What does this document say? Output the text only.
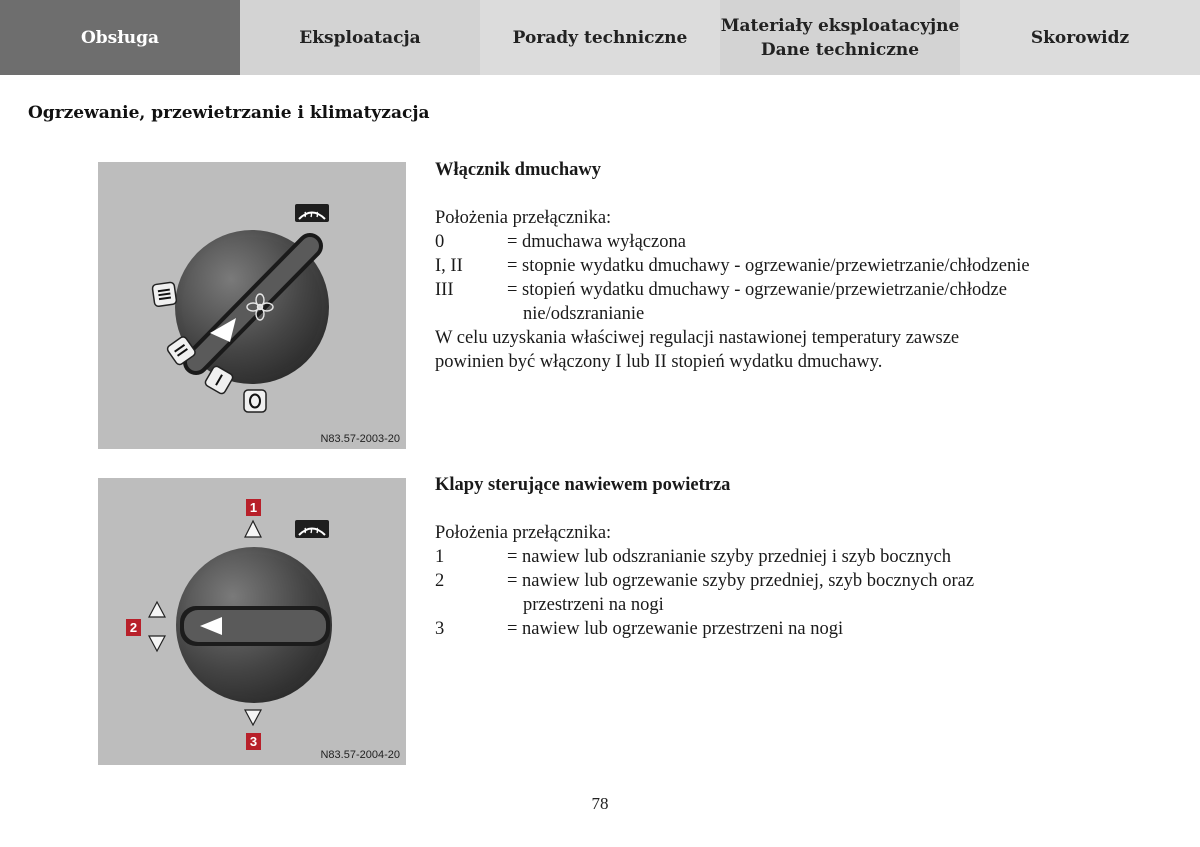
Obsługa	Eksploatacja	Porady techniczne
Materiały eksploatacyjne
Dane techniczne
Skorowidz
Ogrzewanie, przewietrzanie i klimatyzacja
N83.57-2003-20
1
2
3
N83.57-2004-20
Włącznik dmuchawy
Położenia przełącznika:
0	= dmuchawa wyłączona
I, II	= stopnie wydatku dmuchawy - ogrzewanie/przewietrzanie/chłodzenie
III	= stopień wydatku dmuchawy - ogrzewanie/przewietrzanie/chłodze
nie/odszranianie
W celu uzyskania właściwej regulacji nastawionej temperatury zawsze
powinien być włączony I lub II stopień wydatku dmuchawy.
Klapy sterujące nawiewem powietrza
Położenia przełącznika:
1	= nawiew lub odszranianie szyby przedniej i szyb bocznych
2	= nawiew lub ogrzewanie szyby przedniej, szyb bocznych oraz
przestrzeni na nogi
3	= nawiew lub ogrzewanie przestrzeni na nogi
78
